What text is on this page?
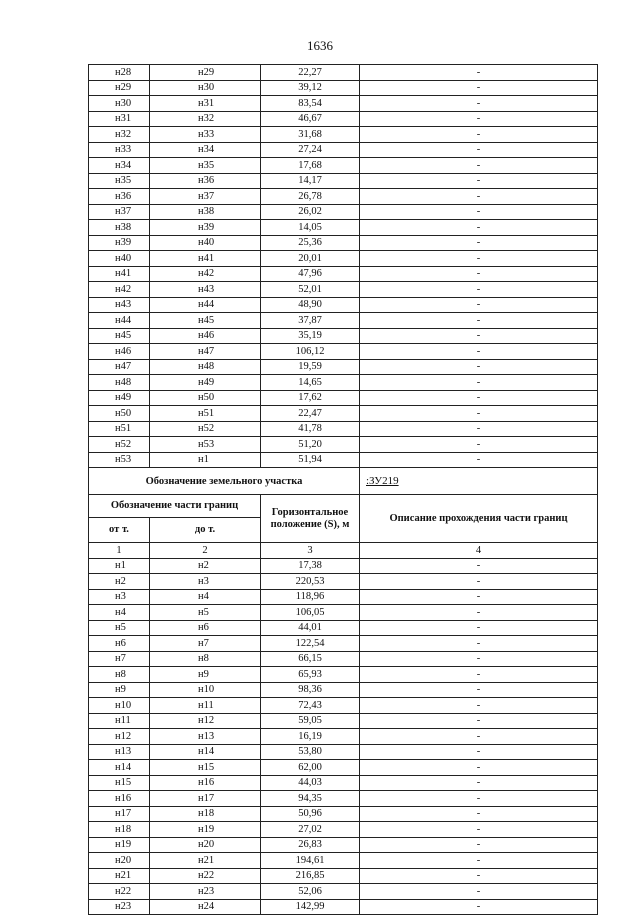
1636
н28	н29	22,27	-
н29	н30	39,12	-
н30	н31	83,54	-
н31	н32	46,67	-
н32	н33	31,68	-
н33	н34	27,24	-
н34	н35	17,68	-
н35	н36	14,17	-
н36	н37	26,78	-
н37	н38	26,02	-
н38	н39	14,05	-
н39	н40	25,36	-
н40	н41	20,01	-
н41	н42	47,96	-
н42	н43	52,01	-
н43	н44	48,90	-
н44	н45	37,87	-
н45	н46	35,19	-
н46	н47	106,12	-
н47	н48	19,59	-
н48	н49	14,65	-
н49	н50	17,62	-
н50	н51	22,47	-
н51	н52	41,78	-
н52	н53	51,20	-
н53	н1	51,94	-
Обозначение земельного участка			:ЗУ219
Обозначение части границ		Горизонтальное положение (S), м	Описание прохождения части границ
от т.	до т.		
1	2	3	4
н1	н2	17,38	-
н2	н3	220,53	-
н3	н4	118,96	-
н4	н5	106,05	-
н5	н6	44,01	-
н6	н7	122,54	-
н7	н8	66,15	-
н8	н9	65,93	-
н9	н10	98,36	-
н10	н11	72,43	-
н11	н12	59,05	-
н12	н13	16,19	-
н13	н14	53,80	-
н14	н15	62,00	-
н15	н16	44,03	-
н16	н17	94,35	-
н17	н18	50,96	-
н18	н19	27,02	-
н19	н20	26,83	-
н20	н21	194,61	-
н21	н22	216,85	-
н22	н23	52,06	-
н23	н24	142,99	-
